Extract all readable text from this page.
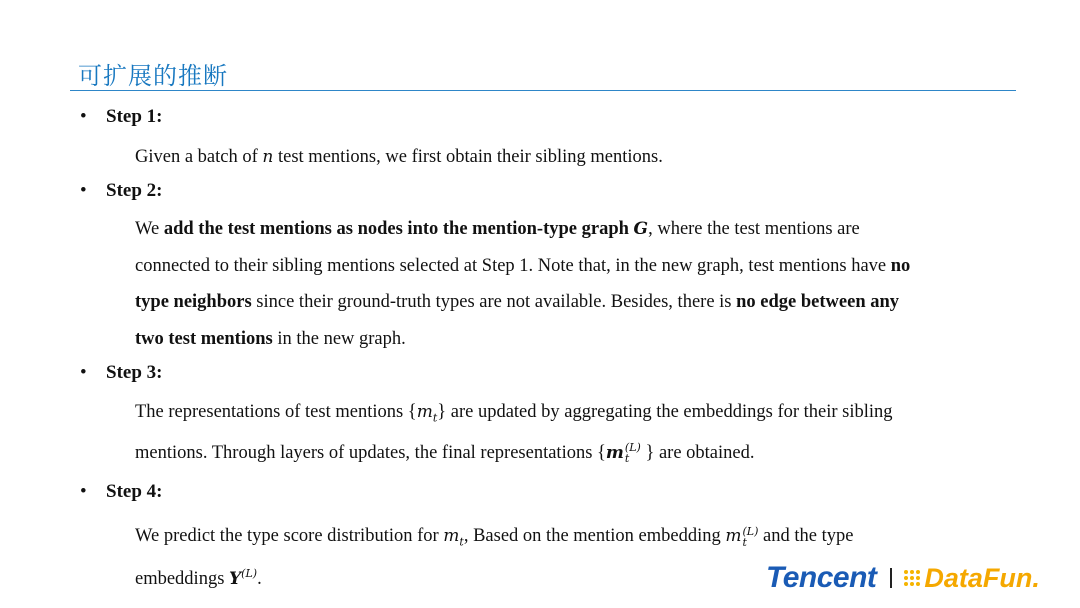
可扩展的推断
• Step 1:
Given a batch of n test mentions, we first obtain their sibling mentions.
• Step 2:
We add the test mentions as nodes into the mention-type graph G, where the test mentions are
connected to their sibling mentions selected at Step 1. Note that, in the new graph, test mentions have no
type neighbors since their ground-truth types are not available. Besides, there is no edge between any
two test mentions in the new graph.
• Step 3:
The representations of test mentions $\{m_t\}$ are updated by aggregating the embeddings for their sibling
mentions. Through layers of updates, the final representations {m (L)
t } are obtained.
• Step 4:
We predict the type score distribution for $m_t$, Based on the mention embedding m (L)
t and the type
embeddings $Y^{(L)}$.	Tencent DataFun.
